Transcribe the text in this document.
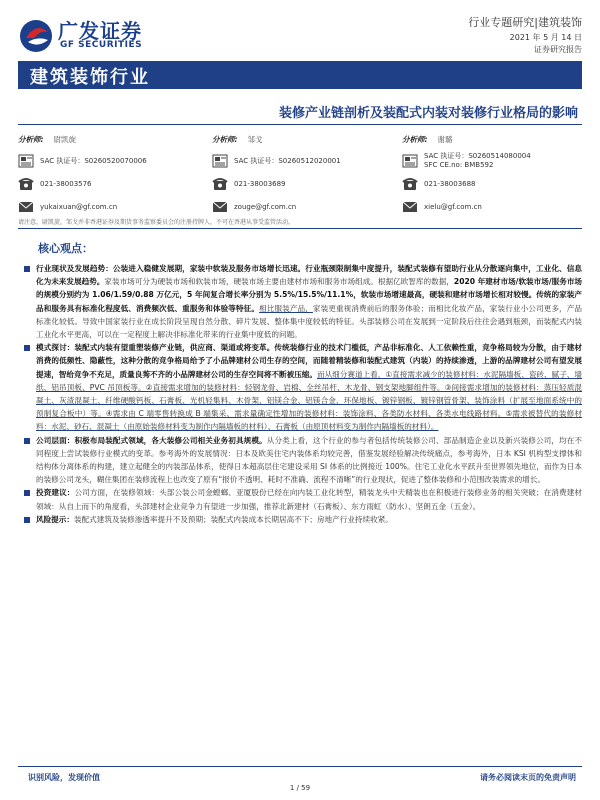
广发证券
GF SECURITIES
行业专题研究|建筑装饰
2021 年 5 月 14 日
证券研究报告
建筑装饰行业
装修产业链剖析及装配式内装对装修行业格局的影响
分析师: 尉凯旋
SAC 执证号：S0260520070006
021-38003576
yukaixuan@gf.com.cn
分析师: 邹戈
SAC 执证号：S0260512020001
021-38003689
zouge@gf.com.cn
分析师: 谢璐
SAC 执证号：S0260514080004
SFC CE.no: BMB592
021-38003688
xielu@gf.com.cn
请注意，尉凯旋，邹戈并非香港证券及期货事务监察委员会的注册持牌人，不可在香港从事受监管活动。
核心观点：

行业现状及发展趋势：公装进入稳健发展期，家装中软装及服务市场增长迅速。行业瓶颈限制集中度提升，装配式装修有望助行业从分散逐向集中，工业化、信息化为未来发展趋势。家装市场可分为硬装市场和软装市场，硬装市场主要由建材市场和服务市场组成。根据亿欧智库的数据，2020 年建材市场/软装市场/服务市场的规模分别约为 1.06/1.59/0.88 万亿元，5 年间复合增长率分别为 5.5%/15.5%/11.1%，软装市场增速最高，硬装和建材市场增长相对较慢。传统的家装产品和服务具有标准化程度低、消费频次低、重服务和体验等特征。相比服装产品，家装更重视消费前后的服务体验；而相比化妆产品，家装行业小公司更多，产品标准化较低。导致中国家装行业在成长阶段呈现自然分散、碎片发展、整体集中度较低的特征。头部装修公司在发展到一定阶段后往往会遇到瓶颈，而装配式内装工业化水平更高，可以在一定程度上解决非标准化带来的行业集中度低的问题。

模式探讨：装配式内装有望重塑装修产业链，供应商、渠道或将变革。传统装修行业的技术门槛低，产品非标准化、人工依赖性重，竞争格局较为分散，由于建材消费的低频性、隐蔽性，这种分散的竞争格局给予了小品牌建材公司生存的空间，而随着精装修和装配式建筑（内装）的持续渗透，上游的品牌建材公司有望发展提速，智给竞争不充足，质量良莠不齐的小品牌建材公司的生存空间将不断被压缩。而从细分赛道上看，①直接需求减少的装修材料：水泥隔墙板、瓷砖、腻子、墙纸、铝吊顶板、PVC 吊顶板等。②直接需求增加的装修材料：轻钢龙骨、岩棉、全丝吊杆、木龙骨、钢支架地脚组件等。③间接需求增加的装修材料：蒸压轻质混凝土、灰渣混凝土、纤维硬酸钙板、石膏板、光机轻集料、木骨架、铝镁合金、铝镁合金、环保地板、镀锌钢板、镀锌钢管骨架、装饰涂料（扩展至地面系统中的预制复合板中）等。④需求由 C 端零售转换成 B 端集采、需求量确定性增加的装修材料：装饰涂料、各类防水材料、各类水电线路材料。⑤需求被替代的装修材料：水泥、砂石、混凝土（由原始装修材料变为制作内隔墙板的材料）、石膏板（由原顶材料变为制作内隔墙板的材料）。

公司层面：积极布局装配式领域，各大装修公司相关业务初具规模。从分类上看，这个行业的参与者包括传统装修公司、部品制造企业以及新兴装修公司，均在不同程度上尝试装修行业模式的变革。参考海外的发展情况：日本及欧美住宅内装体系均较完善，借鉴发展经验解决传统痛点，参考海外，日本 KSI 机构型支撑体和结构体分离体系的构建，建立起健全的内装部品体系，使得日本超高层住宅建设采用 SI 体系的比例接近 100%。住宅工业化水平跃升至世界领先地位，而作为日本的装修公司龙头，糊住集团在装修流程上也改变了原有“报价不透明、耗时不准确、流程不清晰”的行业现状，促进了整体装修和小范围改装需求的增长。

投资建议：公司方面，在装修领域：头部公装公司金螳螂、亚厦股份已经在向内装工业化转型，精装龙头中天精装也在积极进行装修业务的相关突破；在消费建材领域：从自上而下的角度看，头部建材企业竞争力有望进一步加强，推荐北新建材（石膏板）、东方雨虹（防水）、坚朗五金（五金）。

风险提示：装配式建筑及装修渗透率提升不及预期；装配式内装成本长期居高不下；房地产行业持续收紧。

识别风险，发现价值	请务必阅读末页的免责声明
1 / 59
